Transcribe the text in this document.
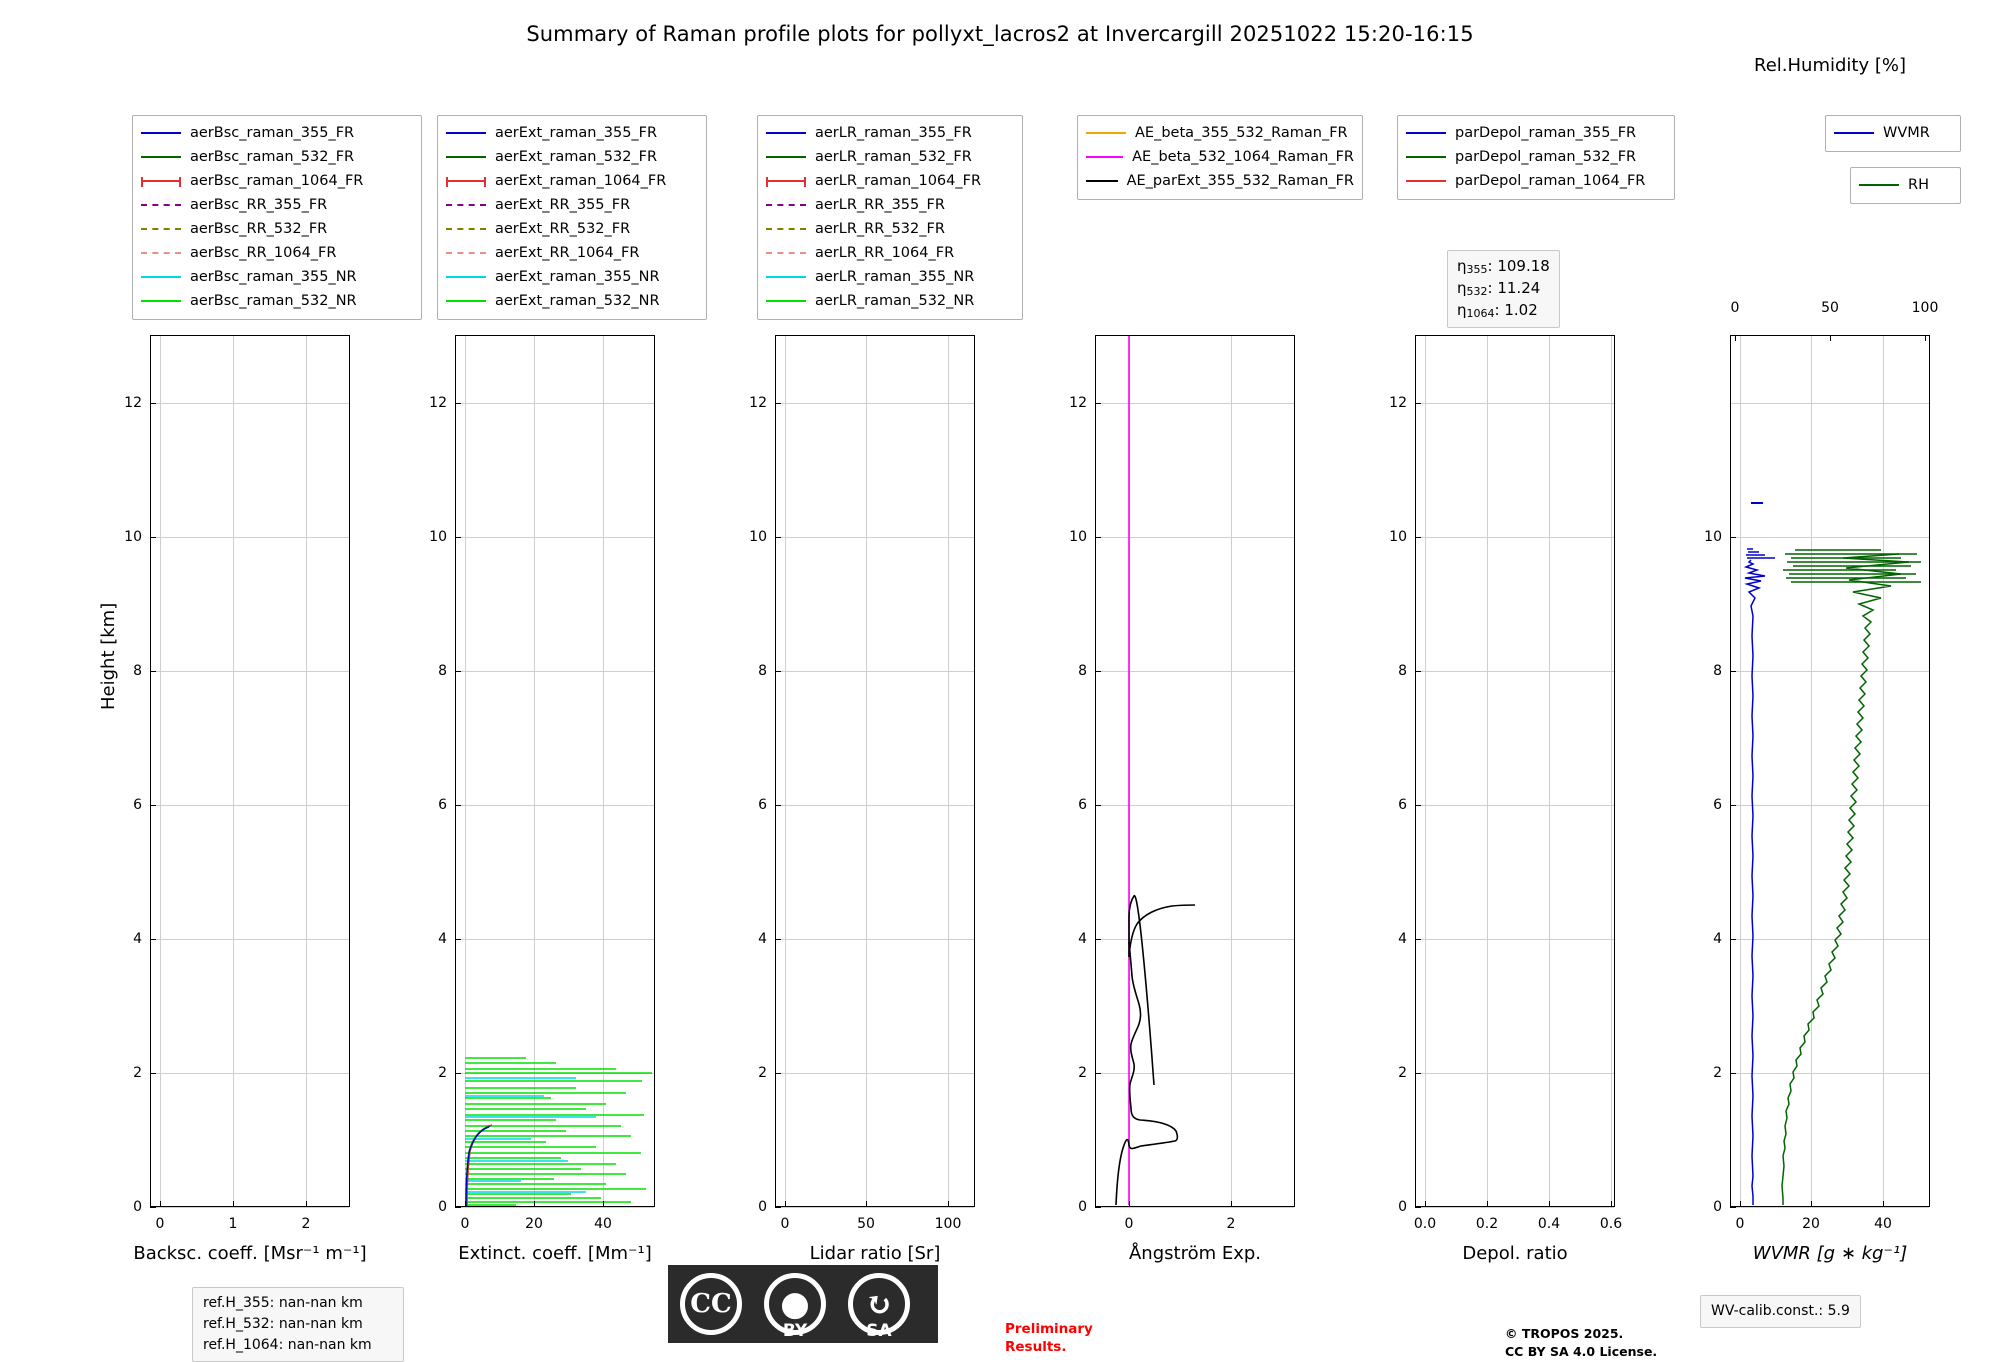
Summary of Raman profile plots for pollyxt_lacros2 at Invercargill 20251022 15:20-16:15
Height [km]
aerBsc_raman_355_FR
aerBsc_raman_532_FR
aerBsc_raman_1064_FR
aerBsc_RR_355_FR
aerBsc_RR_532_FR
aerBsc_RR_1064_FR
aerBsc_raman_355_NR
aerBsc_raman_532_NR
0	1	2
0
2
4
6
8
10
12
Backsc. coeff. [Msr⁻¹ m⁻¹]
aerExt_raman_355_FR
aerExt_raman_532_FR
aerExt_raman_1064_FR
aerExt_RR_355_FR
aerExt_RR_532_FR
aerExt_RR_1064_FR
aerExt_raman_355_NR
aerExt_raman_532_NR
0	20	40
0
2
4
6
8
10
12
Extinct. coeff. [Mm⁻¹]
aerLR_raman_355_FR
aerLR_raman_532_FR
aerLR_raman_1064_FR
aerLR_RR_355_FR
aerLR_RR_532_FR
aerLR_RR_1064_FR
aerLR_raman_355_NR
aerLR_raman_532_NR
0	50	100
0
2
4
6
8
10
12
Lidar ratio [Sr]
AE_beta_355_532_Raman_FR
AE_beta_532_1064_Raman_FR
AE_parExt_355_532_Raman_FR
0	2
0
2
4
6
8
10
12
Ångström Exp.
parDepol_raman_355_FR
parDepol_raman_532_FR
parDepol_raman_1064_FR
η355: 109.18
η532: 11.24
η1064: 1.02
0.0	0.2	0.4	0.6
0
2
4
6
8
10
12
Depol. ratio
Rel.Humidity [%]
WVMR
RH
0	20	40
0	50	100
0
2
4
6
8
10
WVMR [g ∗ kg⁻¹]
ref.H_355: nan-nan km
ref.H_532: nan-nan km
ref.H_1064: nan-nan km
CC	●	↻
BY	SA	Preliminary
Results.
© TROPOS 2025.
CC BY SA 4.0 License.
WV-calib.const.: 5.9
